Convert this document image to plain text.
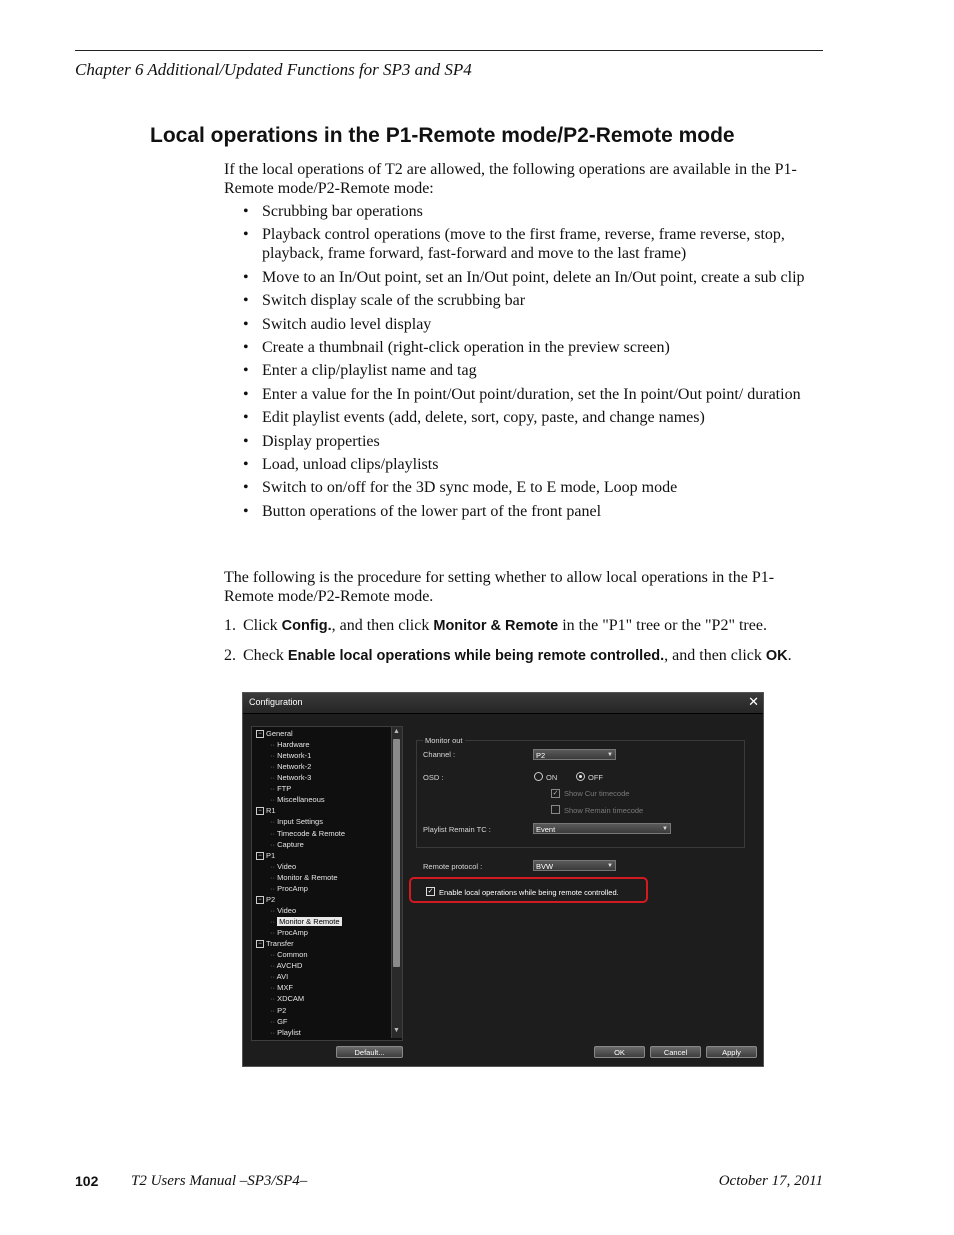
Chapter 6 Additional/Updated Functions for SP3 and SP4
Local operations in the P1-Remote mode/P2-Remote mode
If the local operations of T2 are allowed, the following operations are available in the P1-Remote mode/P2-Remote mode:
• Scrubbing bar operations
• Playback control operations (move to the first frame, reverse, frame reverse, stop, playback, frame forward, fast-forward and move to the last frame)
• Move to an In/Out point, set an In/Out point, delete an In/Out point, create a sub clip
• Switch display scale of the scrubbing bar
• Switch audio level display
• Create a thumbnail (right-click operation in the preview screen)
• Enter a clip/playlist name and tag
• Enter a value for the In point/Out point/duration, set the In point/Out point/ duration
• Edit playlist events (add, delete, sort, copy, paste, and change names)
• Display properties
• Load, unload clips/playlists
• Switch to on/off for the 3D sync mode, E to E mode, Loop mode
• Button operations of the lower part of the front panel
The following is the procedure for setting whether to allow local operations in the P1-Remote mode/P2-Remote mode.
1. Click Config., and then click Monitor & Remote in the "P1" tree or the "P2" tree.
2. Check Enable local operations while being remote controlled., and then click OK.
Configuration	✕
▲
▼
− General
·· Hardware
·· Network-1
·· Network-2
·· Network-3
·· FTP
·· Miscellaneous
− R1
·· Input Settings
·· Timecode & Remote
·· Capture
− P1
·· Video
·· Monitor & Remote
·· ProcAmp
− P2
·· Video
·· Monitor & Remote
·· ProcAmp
− Transfer
·· Common
·· AVCHD
·· AVI
·· MXF
·· XDCAM
·· P2
·· GF
·· Playlist
Monitor out
Channel :	P2	▼
OSD :	ON	OFF
✓ Show Cur timecode
Show Remain timecode
Playlist Remain TC :	Event	▼
Remote protocol :	BVW	▼
✓ Enable local operations while being remote controlled.
Default...	OK	Cancel	Apply
102 T2 Users Manual –SP3/SP4–	October 17, 2011
